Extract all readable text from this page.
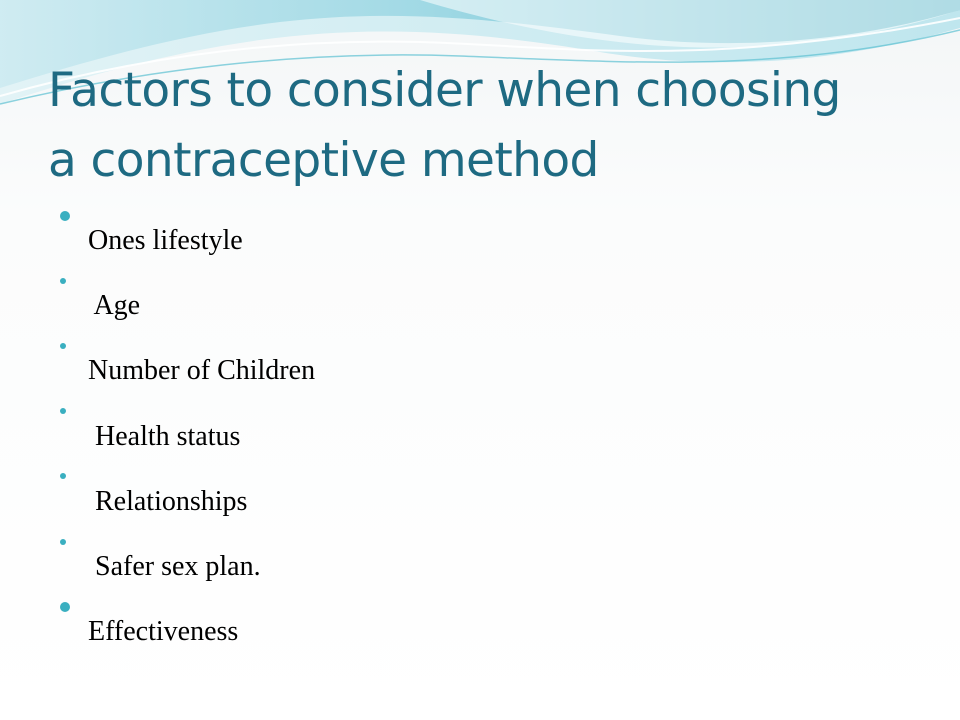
Factors to consider when choosing
a contraceptive method
Ones lifestyle
Age
Number of Children
Health status
Relationships
Safer sex plan.
Effectiveness
